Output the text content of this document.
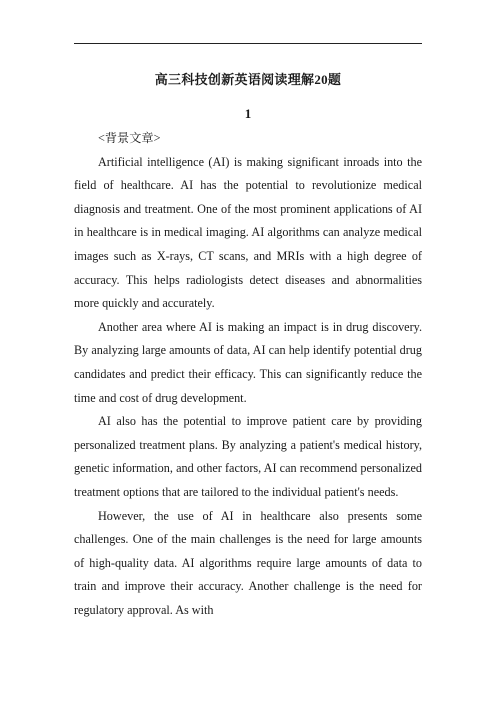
高三科技创新英语阅读理解20题
1

<背景文章>

Artificial intelligence (AI) is making significant inroads into the field of healthcare. AI has the potential to revolutionize medical diagnosis and treatment. One of the most prominent applications of AI in healthcare is in medical imaging. AI algorithms can analyze medical images such as X-rays, CT scans, and MRIs with a high degree of accuracy. This helps radiologists detect diseases and abnormalities more quickly and accurately.

Another area where AI is making an impact is in drug discovery. By analyzing large amounts of data, AI can help identify potential drug candidates and predict their efficacy. This can significantly reduce the time and cost of drug development.

AI also has the potential to improve patient care by providing personalized treatment plans. By analyzing a patient's medical history, genetic information, and other factors, AI can recommend personalized treatment options that are tailored to the individual patient's needs.

However, the use of AI in healthcare also presents some challenges. One of the main challenges is the need for large amounts of high-quality data. AI algorithms require large amounts of data to train and improve their accuracy. Another challenge is the need for regulatory approval. As with
